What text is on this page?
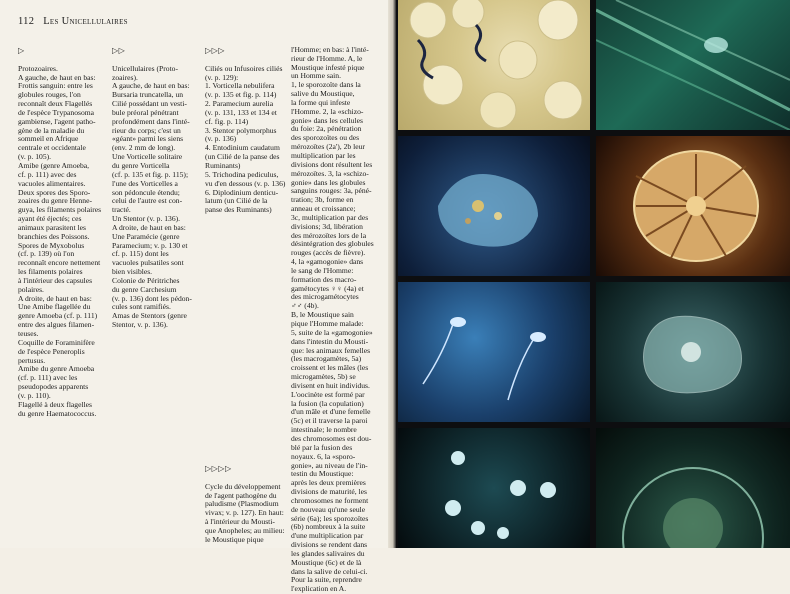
112 Les Unicellulaires

▷

Protozoaires.
A gauche, de haut en bas:
Frottis sanguin: entre les
globules rouges, l'on
reconnaît deux Flagellés
de l'espèce Trypanosoma
gambiense, l'agent patho-
gène de la maladie du
sommeil en Afrique
centrale et occidentale
(v. p. 105).
Amibe (genre Amoeba,
cf. p. 111) avec des
vacuoles alimentaires.
Deux spores des Sporo-
zoaires du genre Henne-
guya, les filaments polaires
ayant été éjectés; ces
animaux parasitent les
branchies des Poissons.
Spores de Myxobolus
(cf. p. 139) où l'on
reconnaît encore nettement
les filaments polaires
à l'intérieur des capsules
polaires.
A droite, de haut en bas:
Une Amibe flagellée du
genre Amoeba (cf. p. 111)
entre des algues filamen-
teuses.
Coquille de Foraminifère
de l'espèce Peneroplis
pertusus.
Amibe du genre Amoeba
(cf. p. 111) avec les
pseudopodes apparents
(v. p. 110).
Flagellé à deux flagelles
du genre Haematococcus.

▷▷

Unicellulaires (Proto-
zoaires).
A gauche, de haut en bas:
Bursaria truncatella, un
Cilié possédant un vesti-
bule préoral pénétrant
profondément dans l'inté-
rieur du corps; c'est un
«géant» parmi les siens
(env. 2 mm de long).
Une Vorticelle solitaire
du genre Vorticella
(cf. p. 135 et fig. p. 115);
l'une des Vorticelles a
son pédoncule étendu;
celui de l'autre est con-
tracté.
Un Stentor (v. p. 136).
A droite, de haut en bas:
Une Paramécie (genre
Paramecium; v. p. 130 et
cf. p. 115) dont les
vacuoles pulsatiles sont
bien visibles.
Colonie de Péritriches
du genre Carchesium
(v. p. 136) dont les pédon-
cules sont ramifiés.
Amas de Stentors (genre
Stentor, v. p. 136).

▷▷▷

Ciliés ou Infusoires ciliés
(v. p. 129):
1. Vorticella nebulifera
(v. p. 135 et fig. p. 114)
2. Paramecium aurelia
(v. p. 131, 133 et 134 et
cf. fig. p. 114)
3. Stentor polymorphus
(v. p. 136)
4. Entodinium caudatum
(un Cilié de la panse des
Ruminants)
5. Trichodina pediculus,
vu d'en dessous (v. p. 136)
6. Diplodinium denticu-
latum (un Cilié de la
panse des Ruminants)

l'Homme; en bas: à l'inté-
rieur de l'Homme. A, le
Moustique infesté pique
un Homme sain.
1, le sporozoïte dans la
salive du Moustique,
la forme qui infeste
l'Homme. 2, la «schizo-
gonie» dans les cellules
du foie: 2a, pénétration
des sporozoïtes ou des
mérozoïtes (2a'), 2b leur
multiplication par les
divisions dont résultent les
mérozoïtes. 3, la «schizo-
gonie» dans les globules
sanguins rouges: 3a, péné-
tration; 3b, forme en
anneau et croissance;
3c, multiplication par des
divisions; 3d, libération
des mérozoïtes lors de la
désintégration des globules
rouges (accès de fièvre).
4, la «gamogonie» dans
le sang de l'Homme:
formation des macro-
gamétocytes ♀♀ (4a) et
des microgamétocytes
♂♂ (4b).
B, le Moustique sain
pique l'Homme malade:
5, suite de la «gamogonie»
dans l'intestin du Mousti-
que: les animaux femelles
(les macrogamètes, 5a)
croissent et les mâles (les
microgamètes, 5b) se
divisent en huit individus.
L'oocinète est formé par
la fusion (la copulation)
d'un mâle et d'une femelle
(5c) et il traverse la paroi
intestinale; le nombre
des chromosomes est dou-
blé par la fusion des
noyaux. 6, la «sporo-
gonie», au niveau de l'in-
testin du Moustique:
après les deux premières
divisions de maturité, les
chromosomes ne forment
de nouveau qu'une seule
série (6a); les sporozoïtes
(6b) nombreux à la suite
d'une multiplication par
divisions se rendent dans
les glandes salivaires du
Moustique (6c) et de là
dans la salive de celui-ci.
Pour la suite, reprendre
l'explication en A.

▷▷▷▷

Cycle du développement
de l'agent pathogène du
paludisme (Plasmodium
vivax; v. p. 127). En haut:
à l'intérieur du Mousti-
que Anopheles; au milieu:
le Moustique pique
